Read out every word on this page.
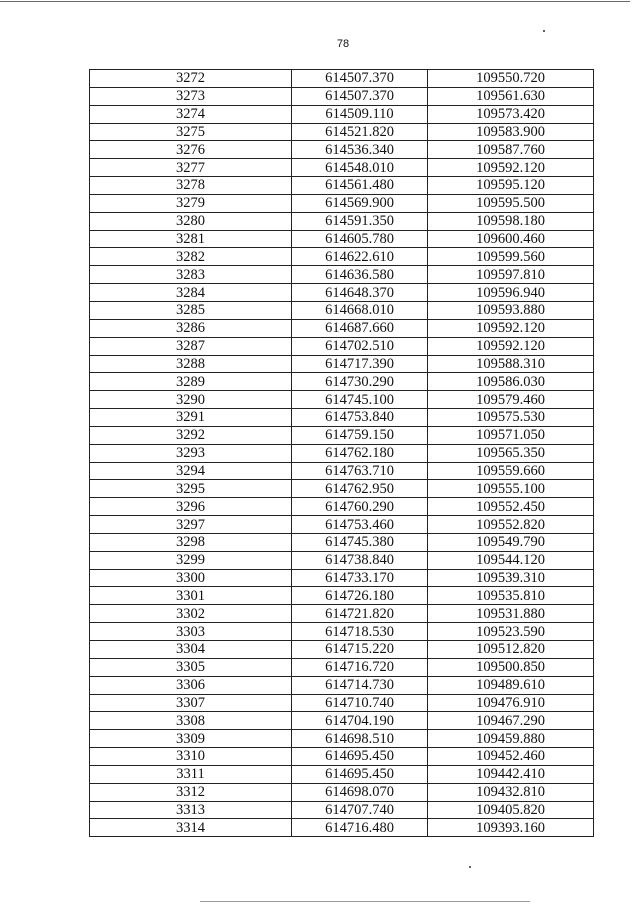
78
3272	614507.370	109550.720
3273	614507.370	109561.630
3274	614509.110	109573.420
3275	614521.820	109583.900
3276	614536.340	109587.760
3277	614548.010	109592.120
3278	614561.480	109595.120
3279	614569.900	109595.500
3280	614591.350	109598.180
3281	614605.780	109600.460
3282	614622.610	109599.560
3283	614636.580	109597.810
3284	614648.370	109596.940
3285	614668.010	109593.880
3286	614687.660	109592.120
3287	614702.510	109592.120
3288	614717.390	109588.310
3289	614730.290	109586.030
3290	614745.100	109579.460
3291	614753.840	109575.530
3292	614759.150	109571.050
3293	614762.180	109565.350
3294	614763.710	109559.660
3295	614762.950	109555.100
3296	614760.290	109552.450
3297	614753.460	109552.820
3298	614745.380	109549.790
3299	614738.840	109544.120
3300	614733.170	109539.310
3301	614726.180	109535.810
3302	614721.820	109531.880
3303	614718.530	109523.590
3304	614715.220	109512.820
3305	614716.720	109500.850
3306	614714.730	109489.610
3307	614710.740	109476.910
3308	614704.190	109467.290
3309	614698.510	109459.880
3310	614695.450	109452.460
3311	614695.450	109442.410
3312	614698.070	109432.810
3313	614707.740	109405.820
3314	614716.480	109393.160
